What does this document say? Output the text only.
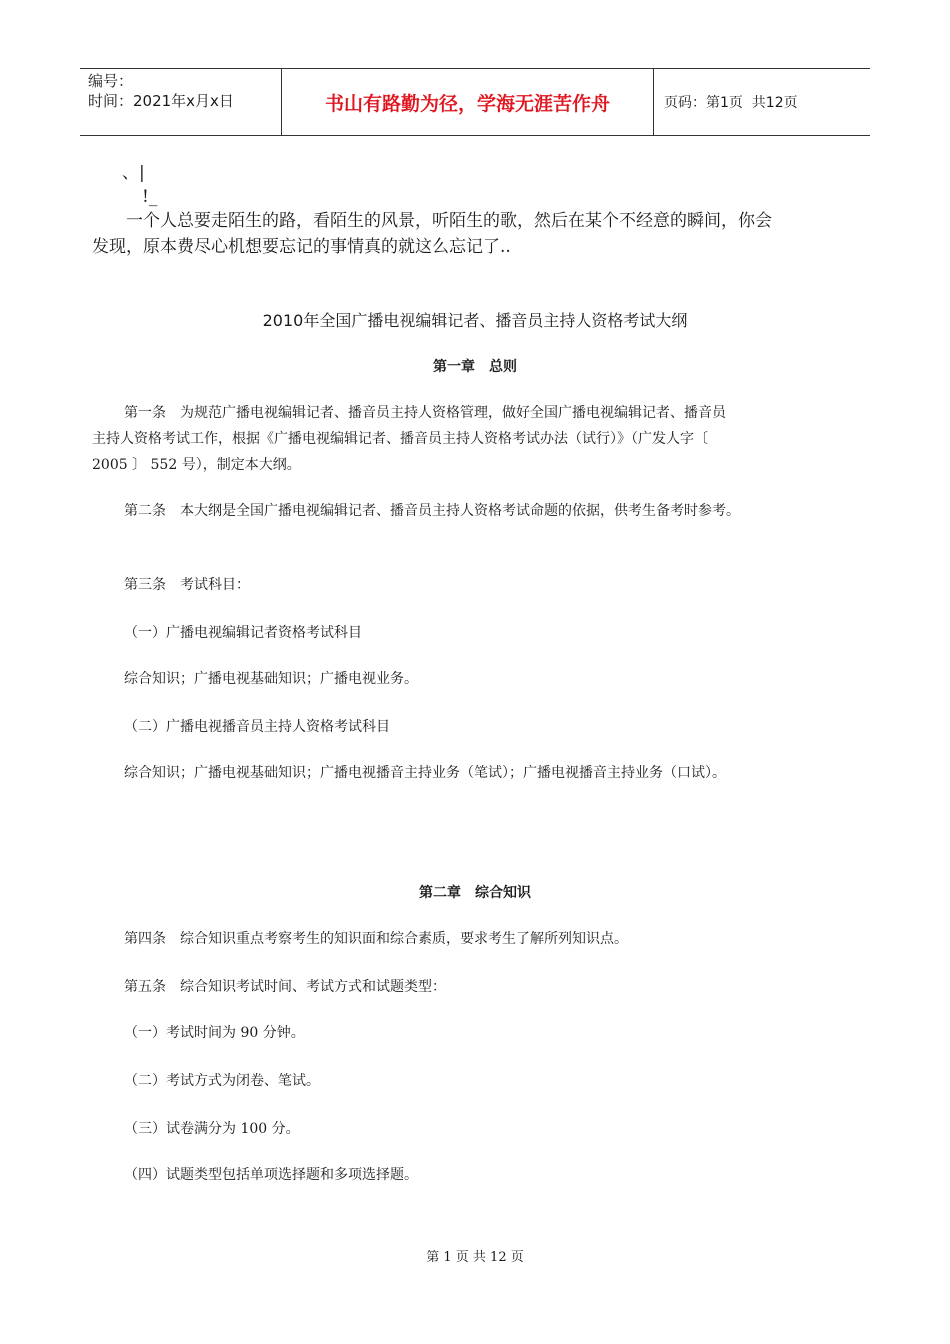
编号：
时间：2021年x月x日	书山有路勤为径，学海无涯苦作舟	页码：第1页  共12页
、|
!_
一个人总要走陌生的路，看陌生的风景，听陌生的歌，然后在某个不经意的瞬间，你会
发现，原本费尽心机想要忘记的事情真的就这么忘记了..
2010年全国广播电视编辑记者、播音员主持人资格考试大纲
第一章　总则
第一条 为规范广播电视编辑记者、播音员主持人资格管理，做好全国广播电视编辑记者、播音员
主持人资格考试工作，根据《广播电视编辑记者、播音员主持人资格考试办法（试行）》（广发人字〔
2005 〕 552 号），制定本大纲。
第二条 本大纲是全国广播电视编辑记者、播音员主持人资格考试命题的依据，供考生备考时参考。
第三条 考试科目：
（一）广播电视编辑记者资格考试科目
综合知识；广播电视基础知识；广播电视业务。
（二）广播电视播音员主持人资格考试科目
综合知识；广播电视基础知识；广播电视播音主持业务（笔试）；广播电视播音主持业务（口试）。
第二章　综合知识
第四条 综合知识重点考察考生的知识面和综合素质，要求考生了解所列知识点。
第五条 综合知识考试时间、考试方式和试题类型：
（一）考试时间为 90 分钟。
（二）考试方式为闭卷、笔试。
（三）试卷满分为 100 分。
（四）试题类型包括单项选择题和多项选择题。
第 1 页 共 12 页
